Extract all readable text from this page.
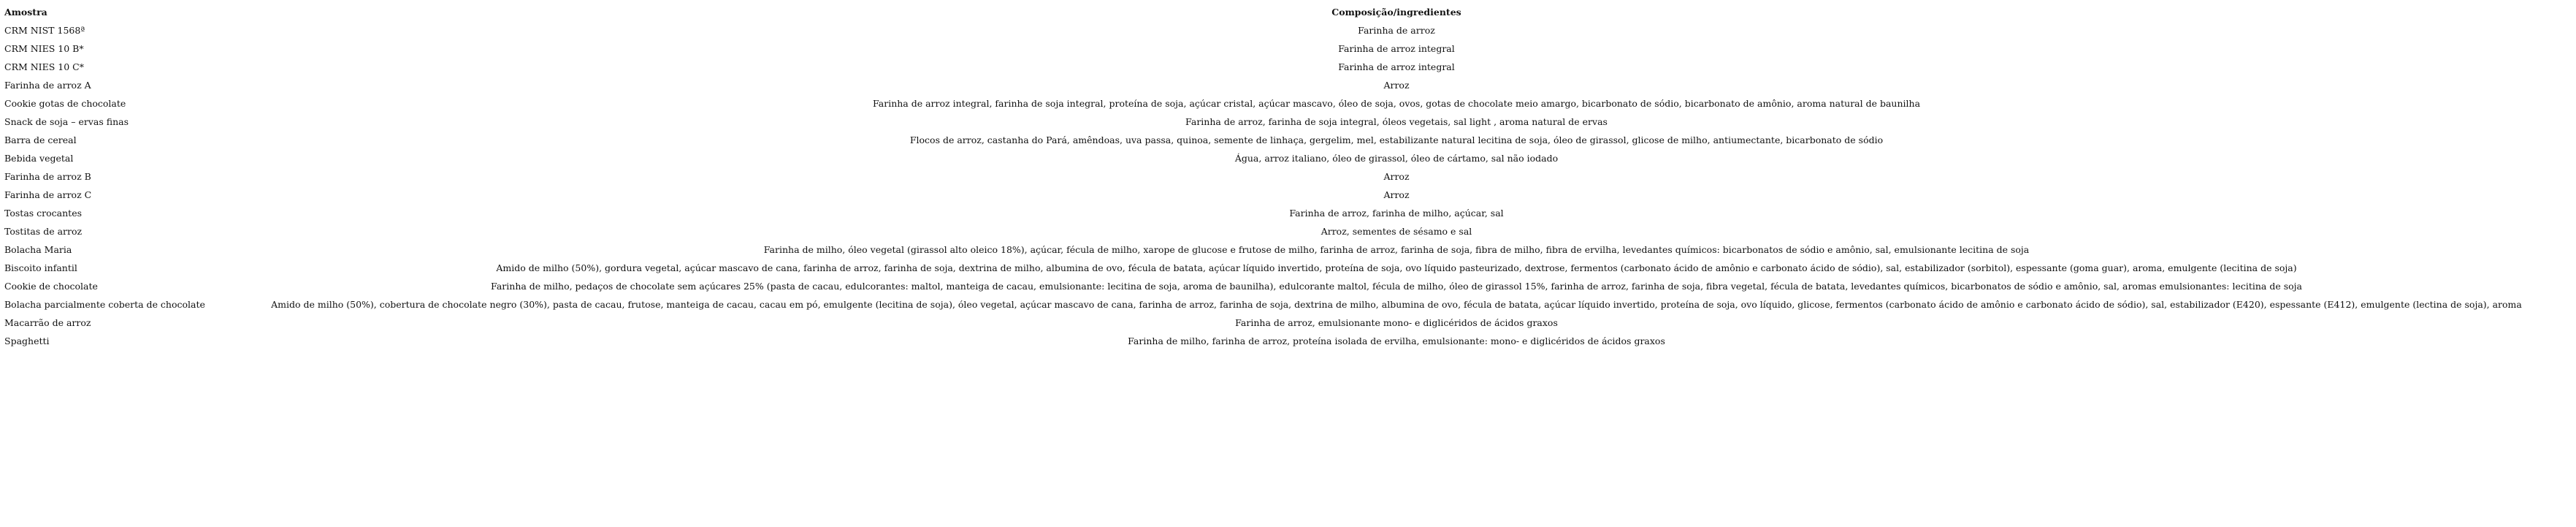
Amostra	Composição/ingredientes
CRM NIST 1568ª	Farinha de arroz
CRM NIES 10 B*	Farinha de arroz integral
CRM NIES 10 C*	Farinha de arroz integral
Farinha de arroz A	Arroz
Cookie gotas de chocolate	Farinha de arroz integral, farinha de soja integral, proteína de soja, açúcar cristal, açúcar mascavo, óleo de soja, ovos, gotas de chocolate meio amargo, bicarbonato de sódio, bicarbonato de amônio, aroma natural de baunilha
Snack de soja – ervas finas	Farinha de arroz, farinha de soja integral, óleos vegetais, sal light , aroma natural de ervas
Barra de cereal	Flocos de arroz, castanha do Pará, amêndoas, uva passa, quinoa, semente de linhaça, gergelim, mel, estabilizante natural lecitina de soja, óleo de girassol, glicose de milho, antiumectante, bicarbonato de sódio
Bebida vegetal	Água, arroz italiano, óleo de girassol, óleo de cártamo, sal não iodado
Farinha de arroz B	Arroz
Farinha de arroz C	Arroz
Tostas crocantes	Farinha de arroz, farinha de milho, açúcar, sal
Tostitas de arroz	Arroz, sementes de sésamo e sal
Bolacha Maria	Farinha de milho, óleo vegetal (girassol alto oleico 18%), açúcar, fécula de milho, xarope de glucose e frutose de milho, farinha de arroz, farinha de soja, fibra de milho, fibra de ervilha, levedantes químicos: bicarbonatos de sódio e amônio, sal, emulsionante lecitina de soja
Biscoito infantil	Amido de milho (50%), gordura vegetal, açúcar mascavo de cana, farinha de arroz, farinha de soja, dextrina de milho, albumina de ovo, fécula de batata, açúcar líquido invertido, proteína de soja, ovo líquido pasteurizado, dextrose, fermentos (carbonato ácido de amônio e carbonato ácido de sódio), sal, estabilizador (sorbitol), espessante (goma guar), aroma, emulgente (lecitina de soja)
Cookie de chocolate	Farinha de milho, pedaços de chocolate sem açúcares 25% (pasta de cacau, edulcorantes: maltol, manteiga de cacau, emulsionante: lecitina de soja, aroma de baunilha), edulcorante maltol, fécula de milho, óleo de girassol 15%, farinha de arroz, farinha de soja, fibra vegetal, fécula de batata, levedantes químicos, bicarbonatos de sódio e amônio, sal, aromas emulsionantes: lecitina de soja
Bolacha parcialmente coberta de chocolate	Amido de milho (50%), cobertura de chocolate negro (30%), pasta de cacau, frutose, manteiga de cacau, cacau em pó, emulgente (lecitina de soja), óleo vegetal, açúcar mascavo de cana, farinha de arroz, farinha de soja, dextrina de milho, albumina de ovo, fécula de batata, açúcar líquido invertido, proteína de soja, ovo líquido, glicose, fermentos (carbonato ácido de amônio e carbonato ácido de sódio), sal, estabilizador (E420), espessante (E412), emulgente (lectina de soja), aroma
Macarrão de arroz	Farinha de arroz, emulsionante mono- e diglicéridos de ácidos graxos
Spaghetti	Farinha de milho, farinha de arroz, proteína isolada de ervilha, emulsionante: mono- e diglicéridos de ácidos graxos
